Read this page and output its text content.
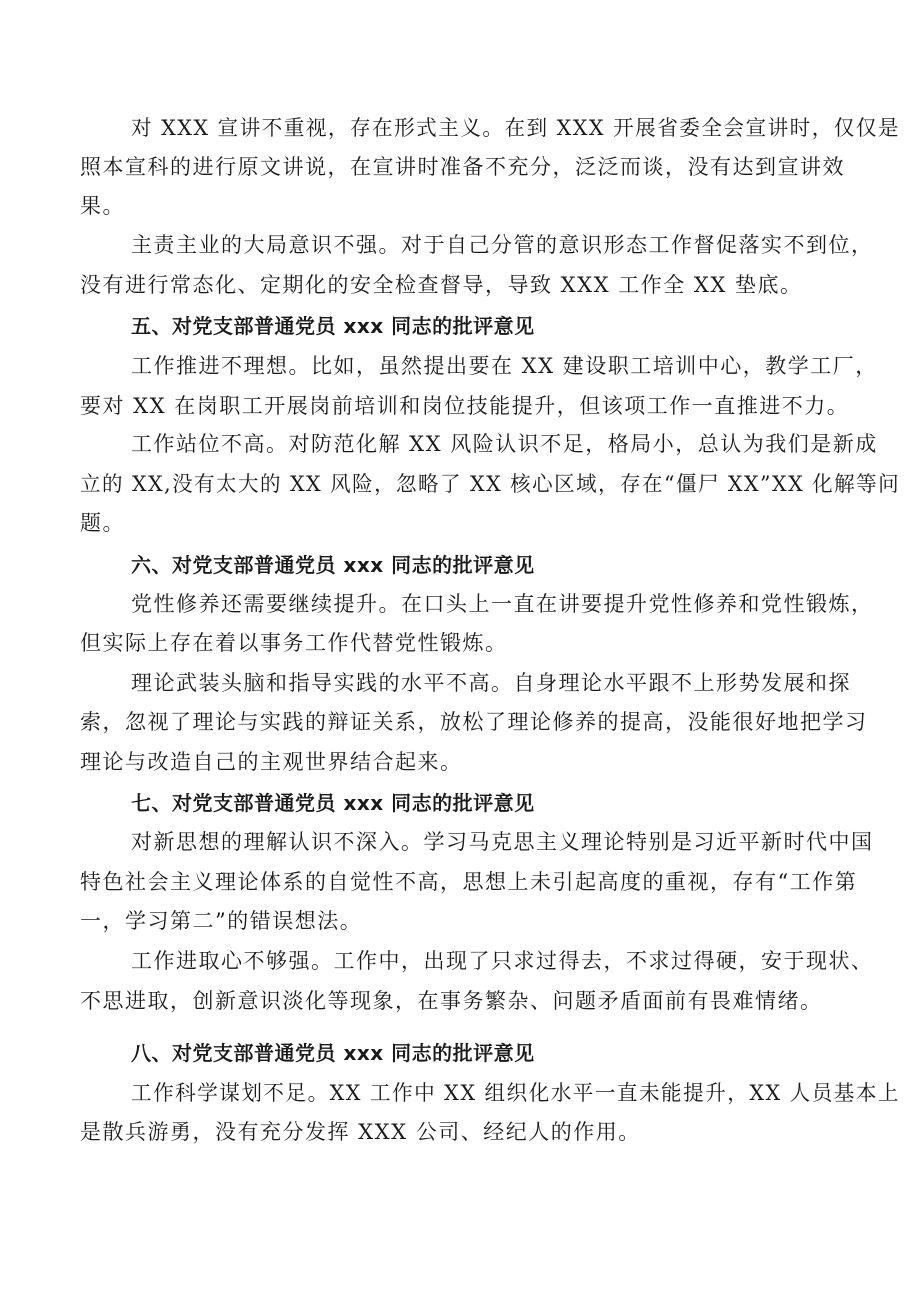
对 XXX 宣讲不重视，存在形式主义。在到 XXX 开展省委全会宣讲时，仅仅是
照本宣科的进行原文讲说，在宣讲时准备不充分，泛泛而谈，没有达到宣讲效
果。
主责主业的大局意识不强。对于自己分管的意识形态工作督促落实不到位，
没有进行常态化、定期化的安全检查督导，导致 XXX 工作全 XX 垫底。
五、对党支部普通党员 xxx 同志的批评意见
工作推进不理想。比如，虽然提出要在 XX 建设职工培训中心，教学工厂，
要对 XX 在岗职工开展岗前培训和岗位技能提升，但该项工作一直推进不力。
工作站位不高。对防范化解 XX 风险认识不足，格局小，总认为我们是新成
立的 XX,没有太大的 XX 风险，忽略了 XX 核心区域，存在“僵尸 XX”XX 化解等问
题。
六、对党支部普通党员 xxx 同志的批评意见
党性修养还需要继续提升。在口头上一直在讲要提升党性修养和党性锻炼，
但实际上存在着以事务工作代替党性锻炼。
理论武装头脑和指导实践的水平不高。自身理论水平跟不上形势发展和探
索，忽视了理论与实践的辩证关系，放松了理论修养的提高，没能很好地把学习
理论与改造自己的主观世界结合起来。
七、对党支部普通党员 xxx 同志的批评意见
对新思想的理解认识不深入。学习马克思主义理论特别是习近平新时代中国
特色社会主义理论体系的自觉性不高，思想上未引起高度的重视，存有“工作第
一，学习第二”的错误想法。
工作进取心不够强。工作中，出现了只求过得去，不求过得硬，安于现状、
不思进取，创新意识淡化等现象，在事务繁杂、问题矛盾面前有畏难情绪。
八、对党支部普通党员 xxx 同志的批评意见
工作科学谋划不足。XX 工作中 XX 组织化水平一直未能提升，XX 人员基本上
是散兵游勇，没有充分发挥 XXX 公司、经纪人的作用。
